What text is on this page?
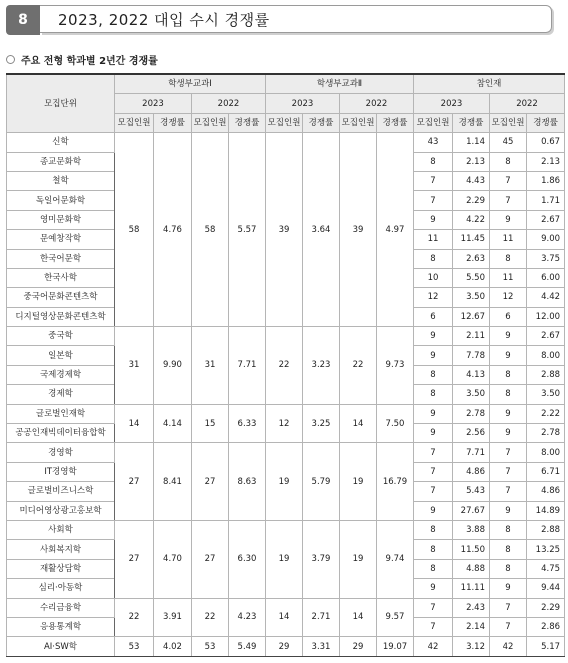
8	2023, 2022 대입 수시 경쟁률
주요 전형 학과별 2년간 경쟁률
모집단위	학생부교과Ⅰ				학생부교과Ⅱ				참인재			
	2023		2022		2023		2022		2023		2022	
	모집인원	경쟁률	모집인원	경쟁률	모집인원	경쟁률	모집인원	경쟁률	모집인원	경쟁률	모집인원	경쟁률
신학	58	4.76	58	5.57	39	3.64	39	4.97	43	1.14	45	0.67
종교문화학									8	2.13	8	2.13
철학									7	4.43	7	1.86
독일어문화학									7	2.29	7	1.71
영미문화학									9	4.22	9	2.67
문예창작학									11	11.45	11	9.00
한국어문학									8	2.63	8	3.75
한국사학									10	5.50	11	6.00
중국어문화콘텐츠학									12	3.50	12	4.42
디지털영상문화콘텐츠학									6	12.67	6	12.00
중국학	31	9.90	31	7.71	22	3.23	22	9.73	9	2.11	9	2.67
일본학									9	7.78	9	8.00
국제경제학									8	4.13	8	2.88
경제학									8	3.50	8	3.50
글로벌인재학	14	4.14	15	6.33	12	3.25	14	7.50	9	2.78	9	2.22
공공인재빅데이터융합학									9	2.56	9	2.78
경영학	27	8.41	27	8.63	19	5.79	19	16.79	7	7.71	7	8.00
IT경영학									7	4.86	7	6.71
글로벌비즈니스학									7	5.43	7	4.86
미디어영상광고홍보학									9	27.67	9	14.89
사회학	27	4.70	27	6.30	19	3.79	19	9.74	8	3.88	8	2.88
사회복지학									8	11.50	8	13.25
재활상담학									8	4.88	8	4.75
심리·아동학									9	11.11	9	9.44
수리금융학	22	3.91	22	4.23	14	2.71	14	9.57	7	2.43	7	2.29
응용통계학									7	2.14	7	2.86
AI·SW학	53	4.02	53	5.49	29	3.31	29	19.07	42	3.12	42	5.17
